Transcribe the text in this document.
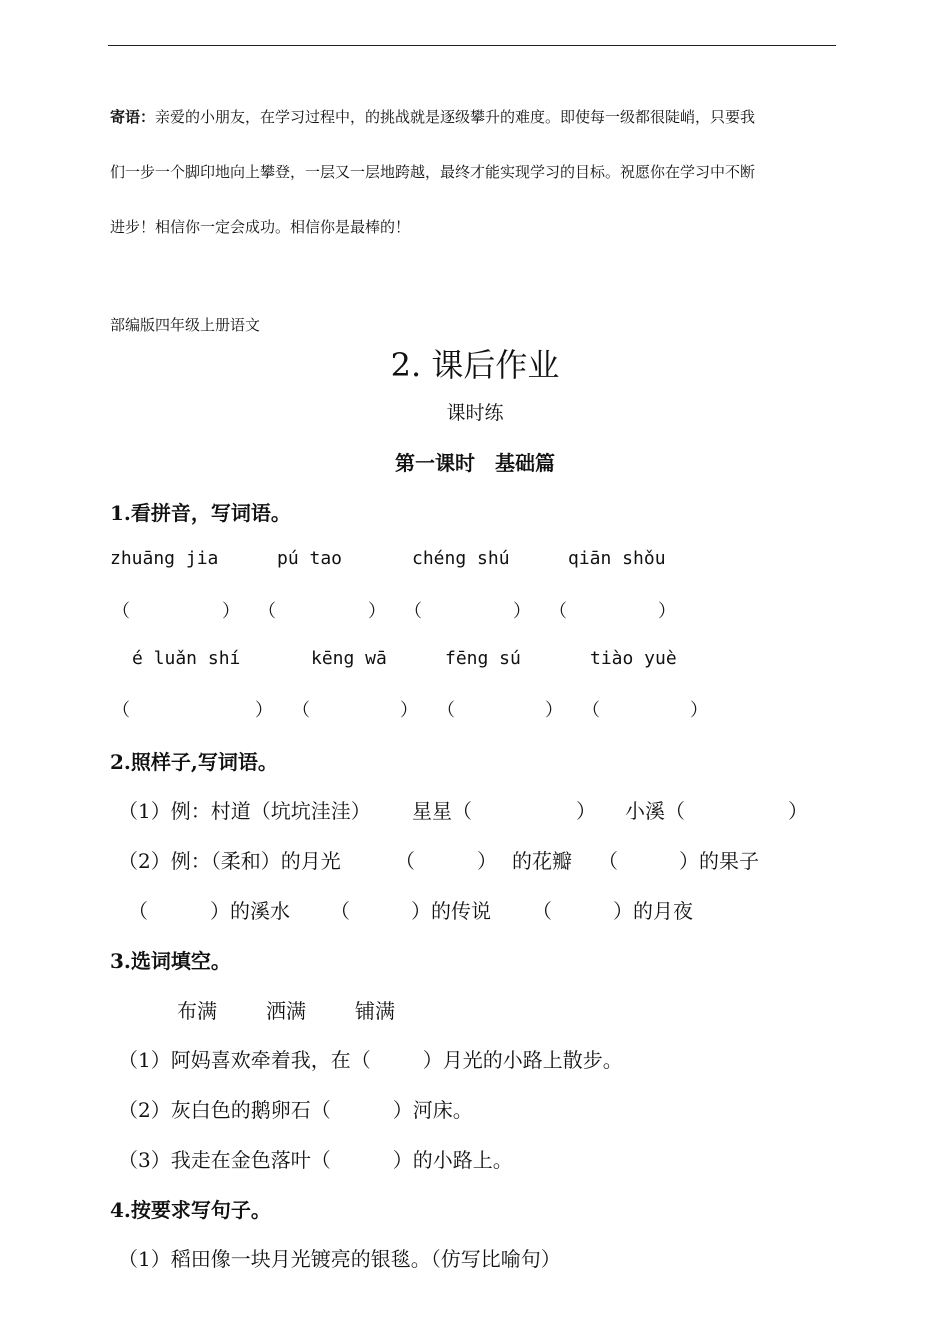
寄语：亲爱的小朋友，在学习过程中，的挑战就是逐级攀升的难度。即使每一级都很陡峭，只要我
们一步一个脚印地向上攀登，一层又一层地跨越，最终才能实现学习的目标。祝愿你在学习中不断
进步！相信你一定会成功。相信你是最棒的！
部编版四年级上册语文
2. 课后作业
课时练
第一课时　基础篇
1.看拼音，写词语。
zhuāng jia	pú tao	chéng shú	qiān shǒu
（	） （	） （	） （	）
é luǎn shí	kēng wā	fēng sú	tiào yuè
（	） （	） （	） （	）
2.照样子,写词语。
（1）例：村道（坑坑洼洼） 星星（	） 小溪（	）
（2）例：（柔和）的月光	（	） 的花瓣 （	）的果子
（	）的溪水 （	）的传说 （	）的月夜
3.选词填空。
布满 洒满 铺满
（1）阿妈喜欢牵着我，在（	）月光的小路上散步。
（2）灰白色的鹅卵石（	）河床。
（3）我走在金色落叶（	）的小路上。
4.按要求写句子。
（1）稻田像一块月光镀亮的银毯。（仿写比喻句）
